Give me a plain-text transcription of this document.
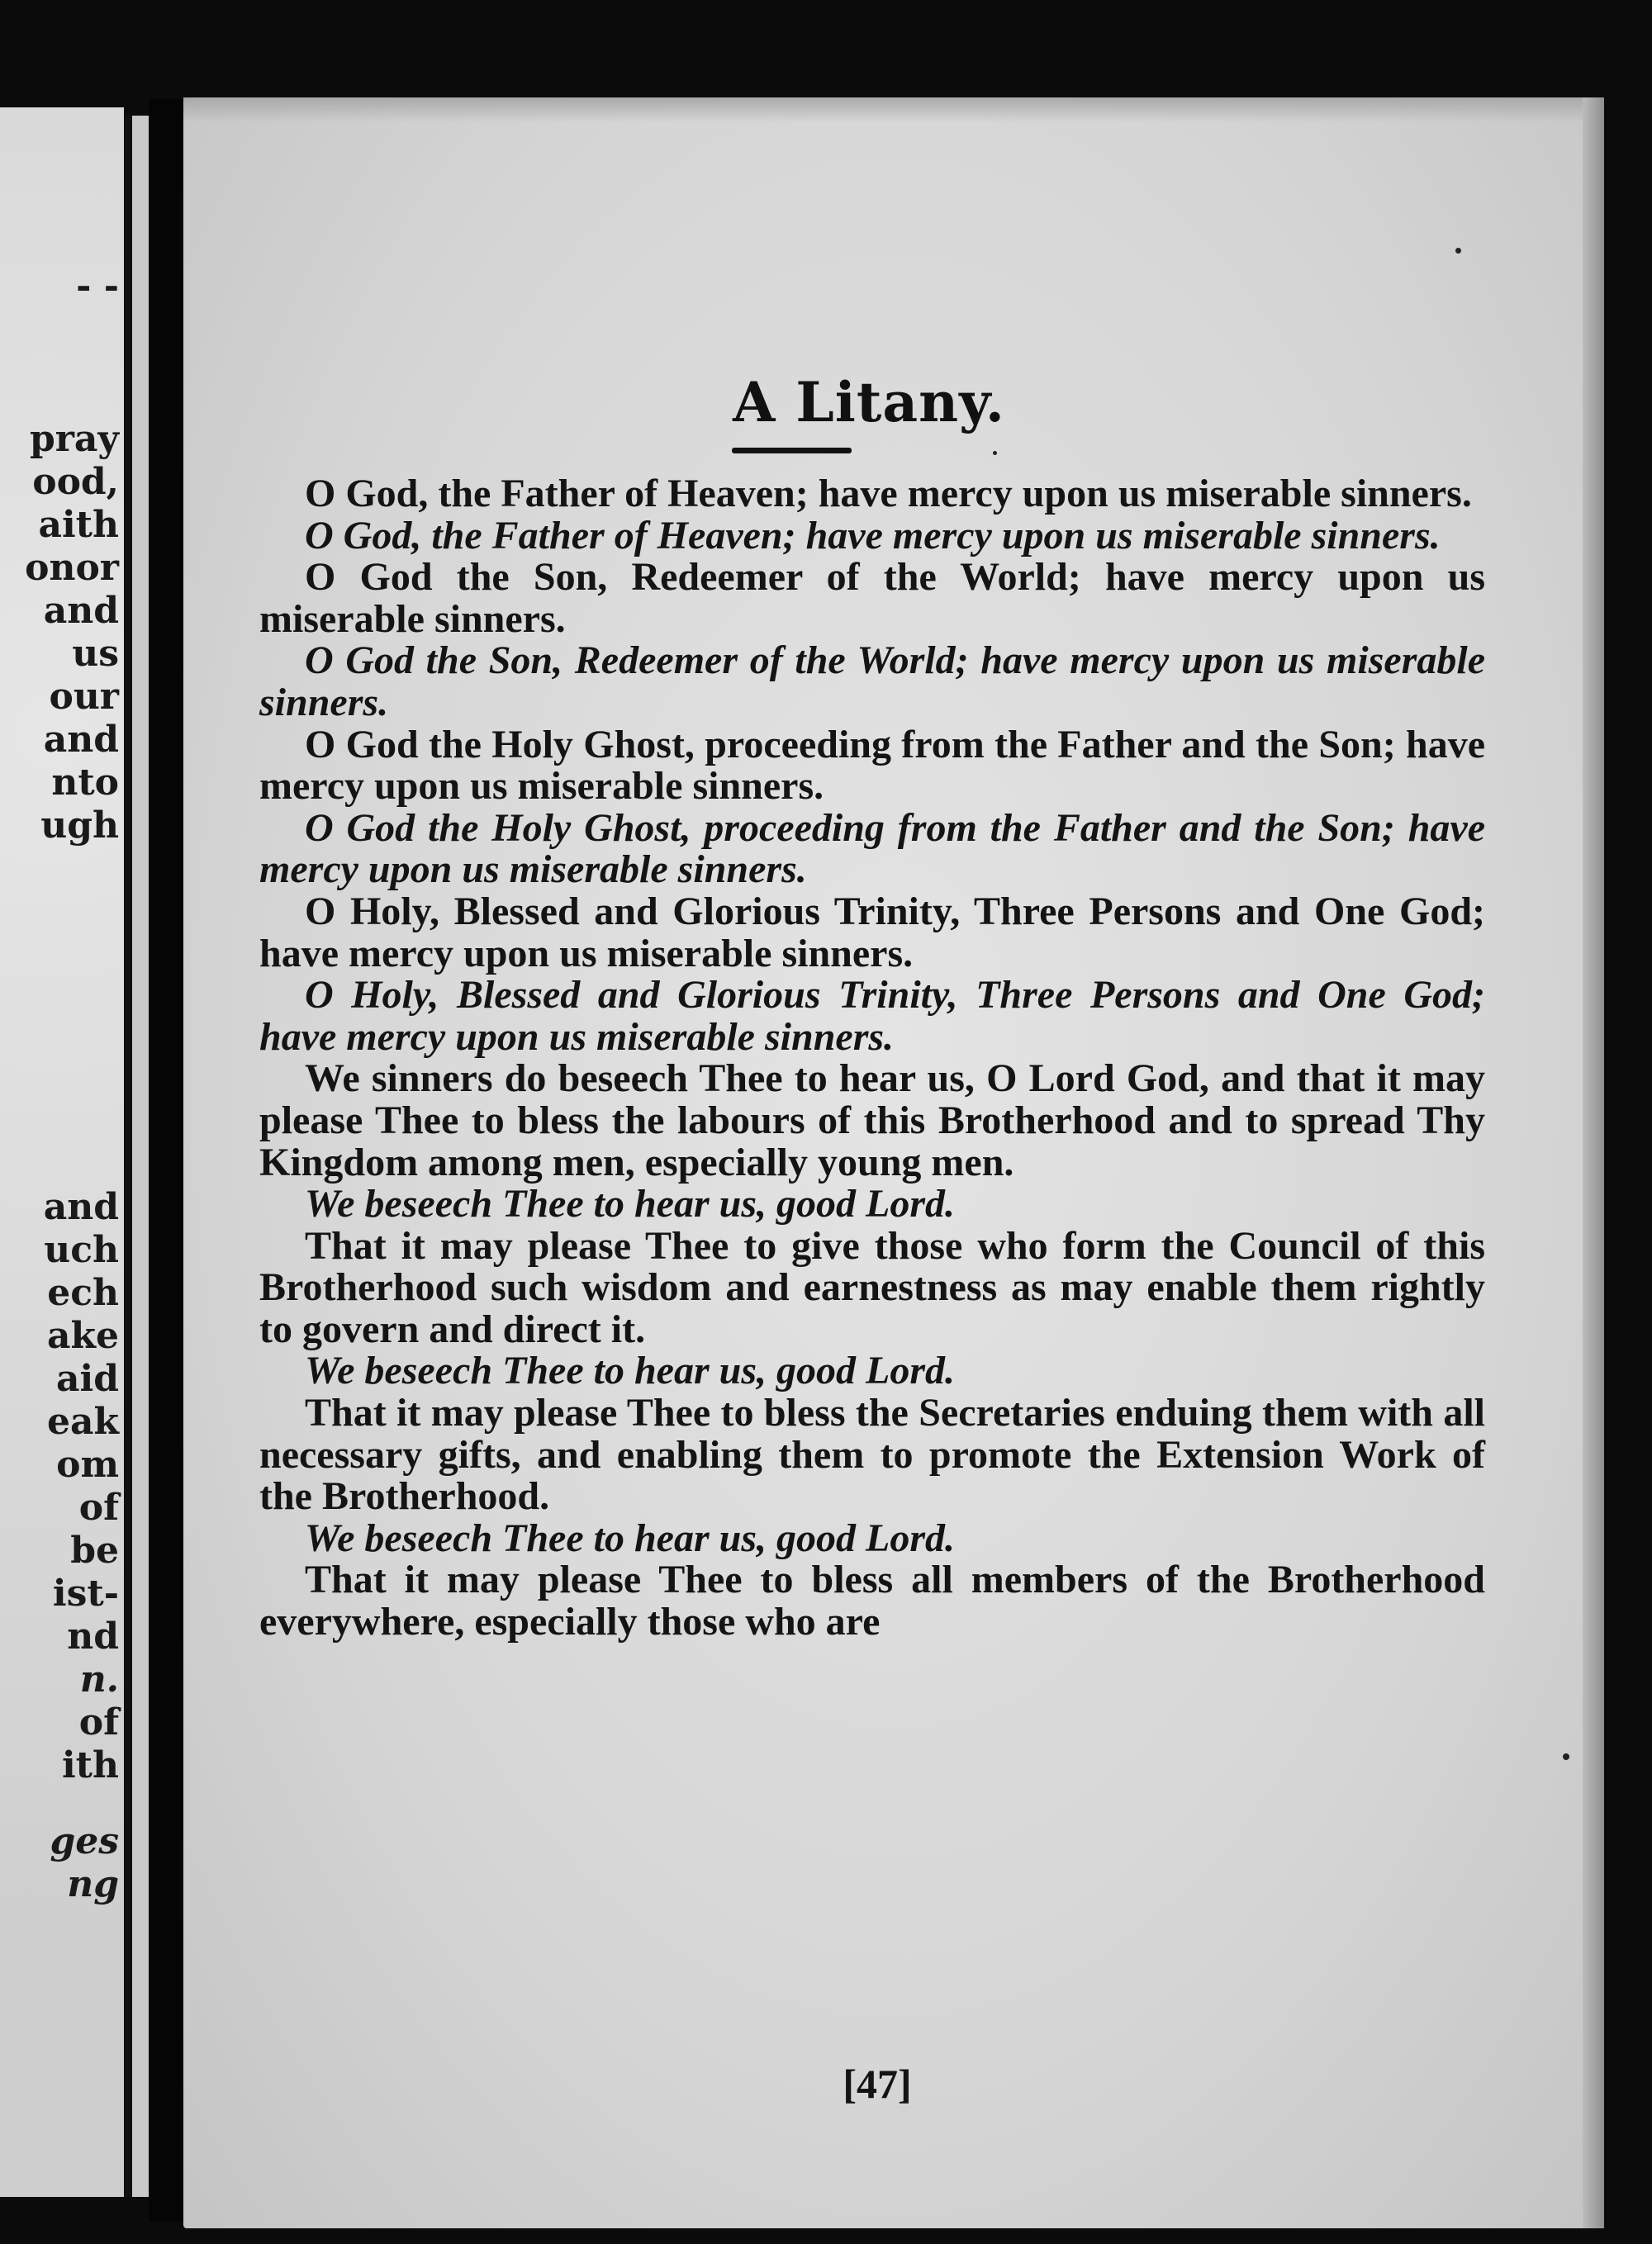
- -
pray
ood,
aith
onor
and
us
our
and
nto
ugh
and
uch
ech
ake
aid
eak
om
of
be
ist-
nd
n.
of
ith
ges
ng
A Litany.

O God, the Father of Heaven; have mercy upon us miserable sinners.

O God, the Father of Heaven; have mercy upon us miserable sinners.

O God the Son, Redeemer of the World; have mercy upon us miserable sinners.

O God the Son, Redeemer of the World; have mercy upon us miserable sinners.

O God the Holy Ghost, proceeding from the Father and the Son; have mercy upon us miserable sinners.

O God the Holy Ghost, proceeding from the Father and the Son; have mercy upon us miserable sinners.

O Holy, Blessed and Glorious Trinity, Three Persons and One God; have mercy upon us miserable sinners.

O Holy, Blessed and Glorious Trinity, Three Persons and One God; have mercy upon us miserable sinners.

We sinners do beseech Thee to hear us, O Lord God, and that it may please Thee to bless the labours of this Brotherhood and to spread Thy Kingdom among men, especially young men.

We beseech Thee to hear us, good Lord.

That it may please Thee to give those who form the Council of this Brotherhood such wisdom and earnestness as may enable them rightly to govern and direct it.

We beseech Thee to hear us, good Lord.

That it may please Thee to bless the Secretaries enduing them with all necessary gifts, and enabling them to promote the Extension Work of the Brotherhood.

We beseech Thee to hear us, good Lord.

That it may please Thee to bless all members of the Brotherhood everywhere, especially those who are

[47]
